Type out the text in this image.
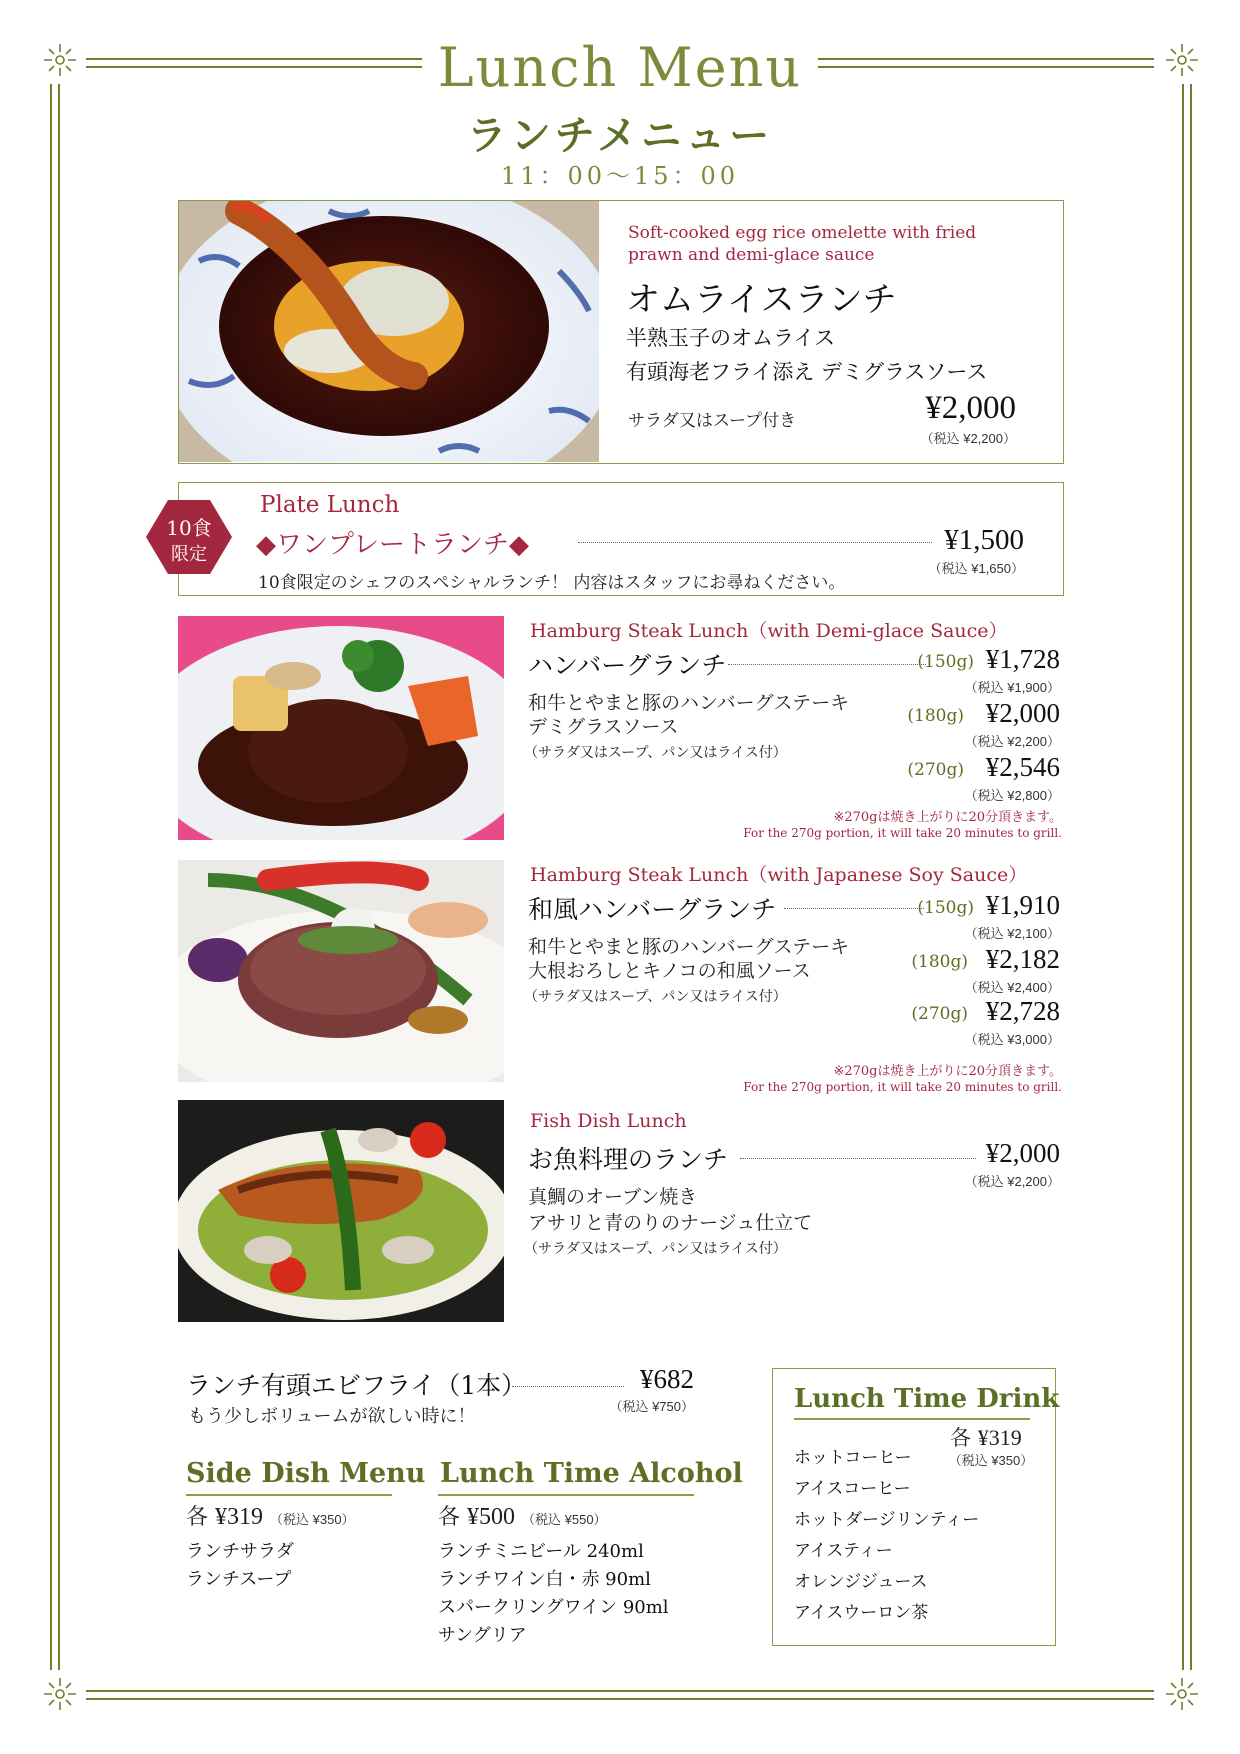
Lunch Menu
ランチメニュー
11：00～15：00
Soft-cooked egg rice omelette with fried prawn and demi-glace sauce
オムライスランチ
半熟玉子のオムライス
有頭海老フライ添え デミグラスソース
サラダ又はスープ付き	¥2,000
（税込 ¥2,200）
10食
限定
Plate Lunch
◆ワンプレートランチ◆	¥1,500
（税込 ¥1,650）
10食限定のシェフのスペシャルランチ！ 内容はスタッフにお尋ねください。
Hamburg Steak Lunch（with Demi-glace Sauce）
ハンバーグランチ
和牛とやまと豚のハンバーグステーキ
デミグラスソース
（サラダ又はスープ、パン又はライス付）
(150g) ¥1,728
（税込 ¥1,900）
(180g) ¥2,000
（税込 ¥2,200）
(270g) ¥2,546
（税込 ¥2,800）
※270gは焼き上がりに20分頂きます。
For the 270g portion, it will take 20 minutes to grill.
Hamburg Steak Lunch（with Japanese Soy Sauce）
和風ハンバーグランチ
和牛とやまと豚のハンバーグステーキ
大根おろしとキノコの和風ソース
（サラダ又はスープ、パン又はライス付）
(150g) ¥1,910
（税込 ¥2,100）
(180g) ¥2,182
（税込 ¥2,400）
(270g) ¥2,728
（税込 ¥3,000）
※270gは焼き上がりに20分頂きます。
For the 270g portion, it will take 20 minutes to grill.
Fish Dish Lunch
お魚料理のランチ	¥2,000
（税込 ¥2,200）
真鯛のオーブン焼き
アサリと青のりのナージュ仕立て
（サラダ又はスープ、パン又はライス付）
ランチ有頭エビフライ（1本）	¥682
（税込 ¥750）
もう少しボリュームが欲しい時に！
Side Dish Menu
各 ¥319 （税込 ¥350）
ランチサラダ
ランチスープ
Lunch Time Alcohol
各 ¥500 （税込 ¥550）
ランチミニビール 240ml
ランチワイン白・赤 90ml
スパークリングワイン 90ml
サングリア
Lunch Time Drink
各 ¥319
（税込 ¥350）
ホットコーヒー
アイスコーヒー
ホットダージリンティー
アイスティー
オレンジジュース
アイスウーロン茶
